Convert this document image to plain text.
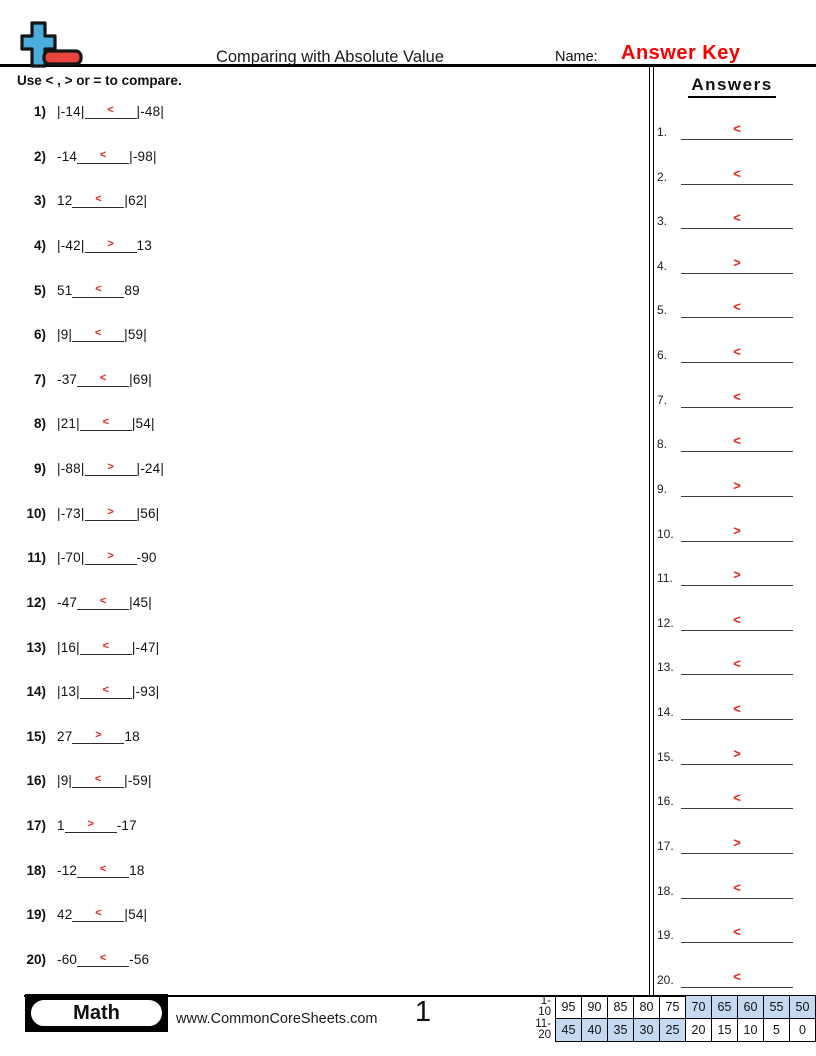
Comparing with Absolute Value	Name: Answer Key
Use < , > or = to compare.	Answers
1.	<
2.	<
3.	<
4.	>
5.	<
6.	<
7.	<
8.	<
9.	>
10.	>
11.	>
12.	<
13.	<
14.	<
15.	>
16.	<
17.	>
18.	<
19.	<
20.	<
1) |-14|	<	|-48|
2) -14	<	|-98|
3) 12	<	|62|
4) |-42|	>	13
5) 51	<	89
6) |9|	<	|59|
7) -37	<	|69|
8) |21|	<	|54|
9) |-88|	>	|-24|
10) |-73|	>	|56|
11) |-70|	>	-90
12) -47	<	|45|
13) |16|	<	|-47|
14) |13|	<	|-93|
15) 27	>	18
16) |9|	<	|-59|
17) 1	>	-17
18) -12	<	18
19) 42	<	|54|
20) -60	<	-56
Math	www.CommonCoreSheets.com	1	1-10	95	90	85	80	75	70	65	60	55	50
11-20	45	40	35	30	25	20	15	10	5	0
